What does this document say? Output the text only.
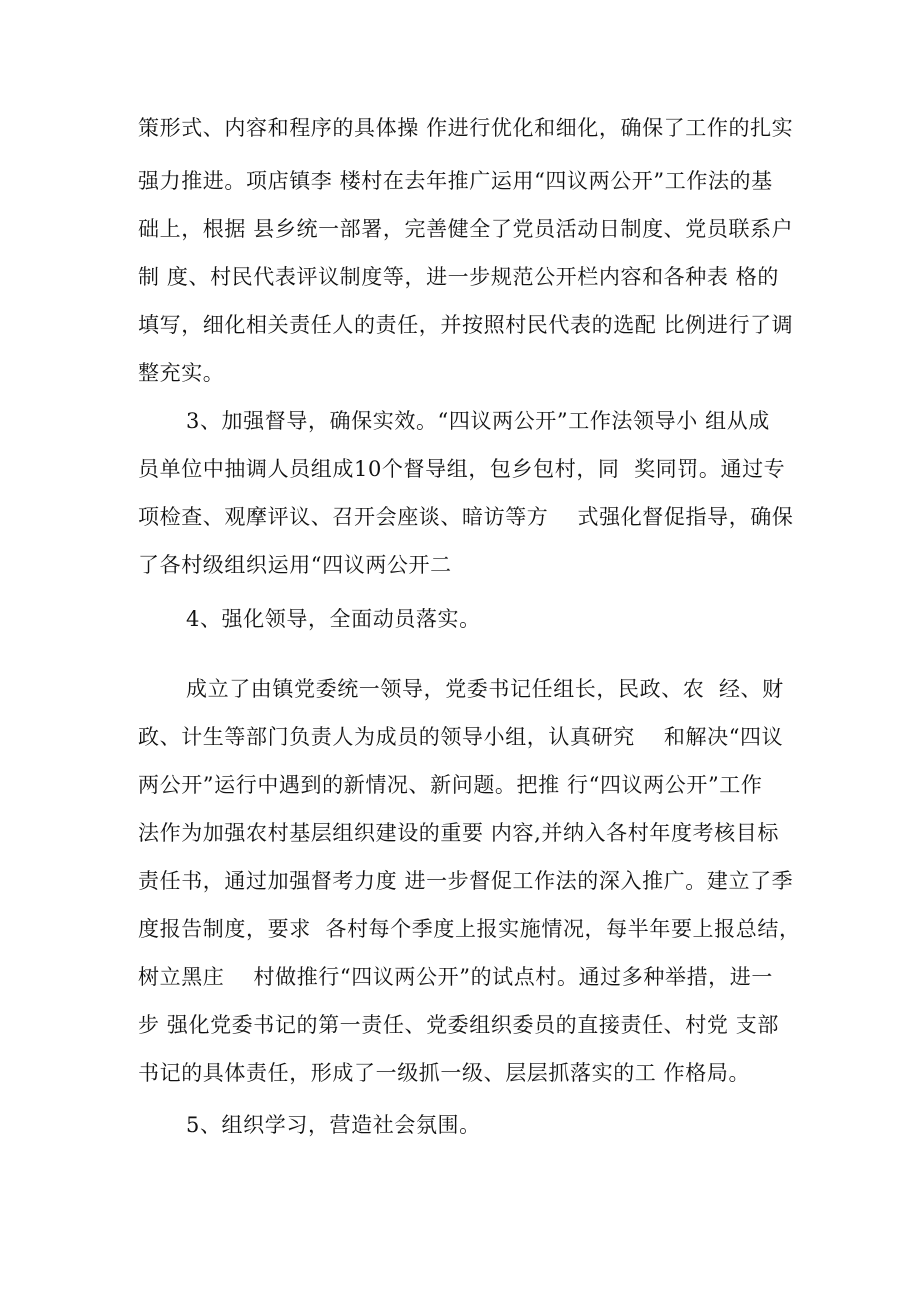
策形式、内容和程序的具体操 作进行优化和细化，确保了工作的扎实
强力推进。项店镇李 楼村在去年推广运用“四议两公开”工作法的基
础上，根据 县乡统一部署，完善健全了党员活动日制度、党员联系户
制 度、村民代表评议制度等，进一步规范公开栏内容和各种表 格的
填写，细化相关责任人的责任，并按照村民代表的选配 比例进行了调
整充实。
3、加强督导，确保实效。“四议两公开”工作法领导小 组从成
员单位中抽调人员组成10个督导组，包乡包村，同  奖同罚。通过专
项检查、观摩评议、召开会座谈、暗访等方    式强化督促指导，确保
了各村级组织运用“四议两公开二
4、强化领导，全面动员落实。
成立了由镇党委统一领导，党委书记任组长，民政、农  经、财
政、计生等部门负责人为成员的领导小组，认真研究    和解决“四议
两公开”运行中遇到的新情况、新问题。把推 行“四议两公开”工作
法作为加强农村基层组织建设的重要 内容,并纳入各村年度考核目标
责任书，通过加强督考力度 进一步督促工作法的深入推广。建立了季
度报告制度，要求  各村每个季度上报实施情况，每半年要上报总结，
树立黑庄    村做推行“四议两公开”的试点村。通过多种举措，进一
步 强化党委书记的第一责任、党委组织委员的直接责任、村党 支部
书记的具体责任，形成了一级抓一级、层层抓落实的工 作格局。
5、组织学习，营造社会氛围。
